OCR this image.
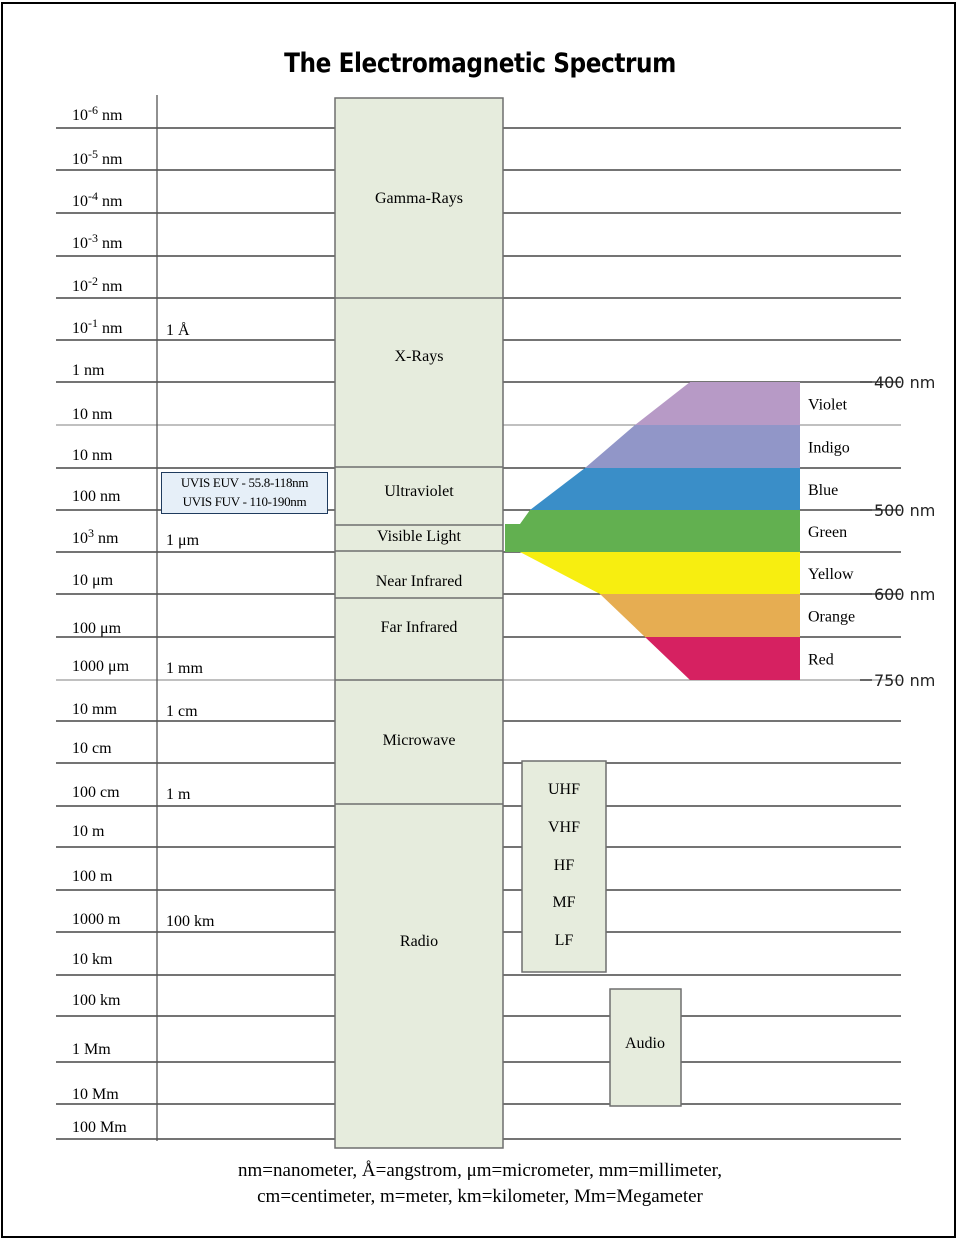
The Electromagnetic Spectrum
$10^{-6}$ nm
$10^{-5}$ nm
$10^{-4}$ nm
$10^{-3}$ nm
$10^{-2}$ nm
$10^{-1}$ nm	1 Å
1 nm
10 nm
10 nm
100 nm
$10^3$ nm	1 μm
10 μm
100 μm
1000 μm 1 mm
10 mm	1 cm
10 cm
100 cm	1 m
10 m
100 m
1000 m	100 km
10 km
100 km
1 Mm
10 Mm
100 Mm
Gamma-Rays
X-Rays
Ultraviolet
Visible Light
Near Infrared
Far Infrared
Microwave
Radio
Violet
Indigo
Blue
Green
Yellow
Orange
Red
400 nm
500 nm
600 nm
750 nm
UHF
VHF
HF
MF
LF
Audio
UVIS EUV - 55.8-118nm
UVIS FUV - 110-190nm
nm=nanometer, Å=angstrom, μm=micrometer, mm=millimeter,
cm=centimeter, m=meter, km=kilometer, Mm=Megameter
